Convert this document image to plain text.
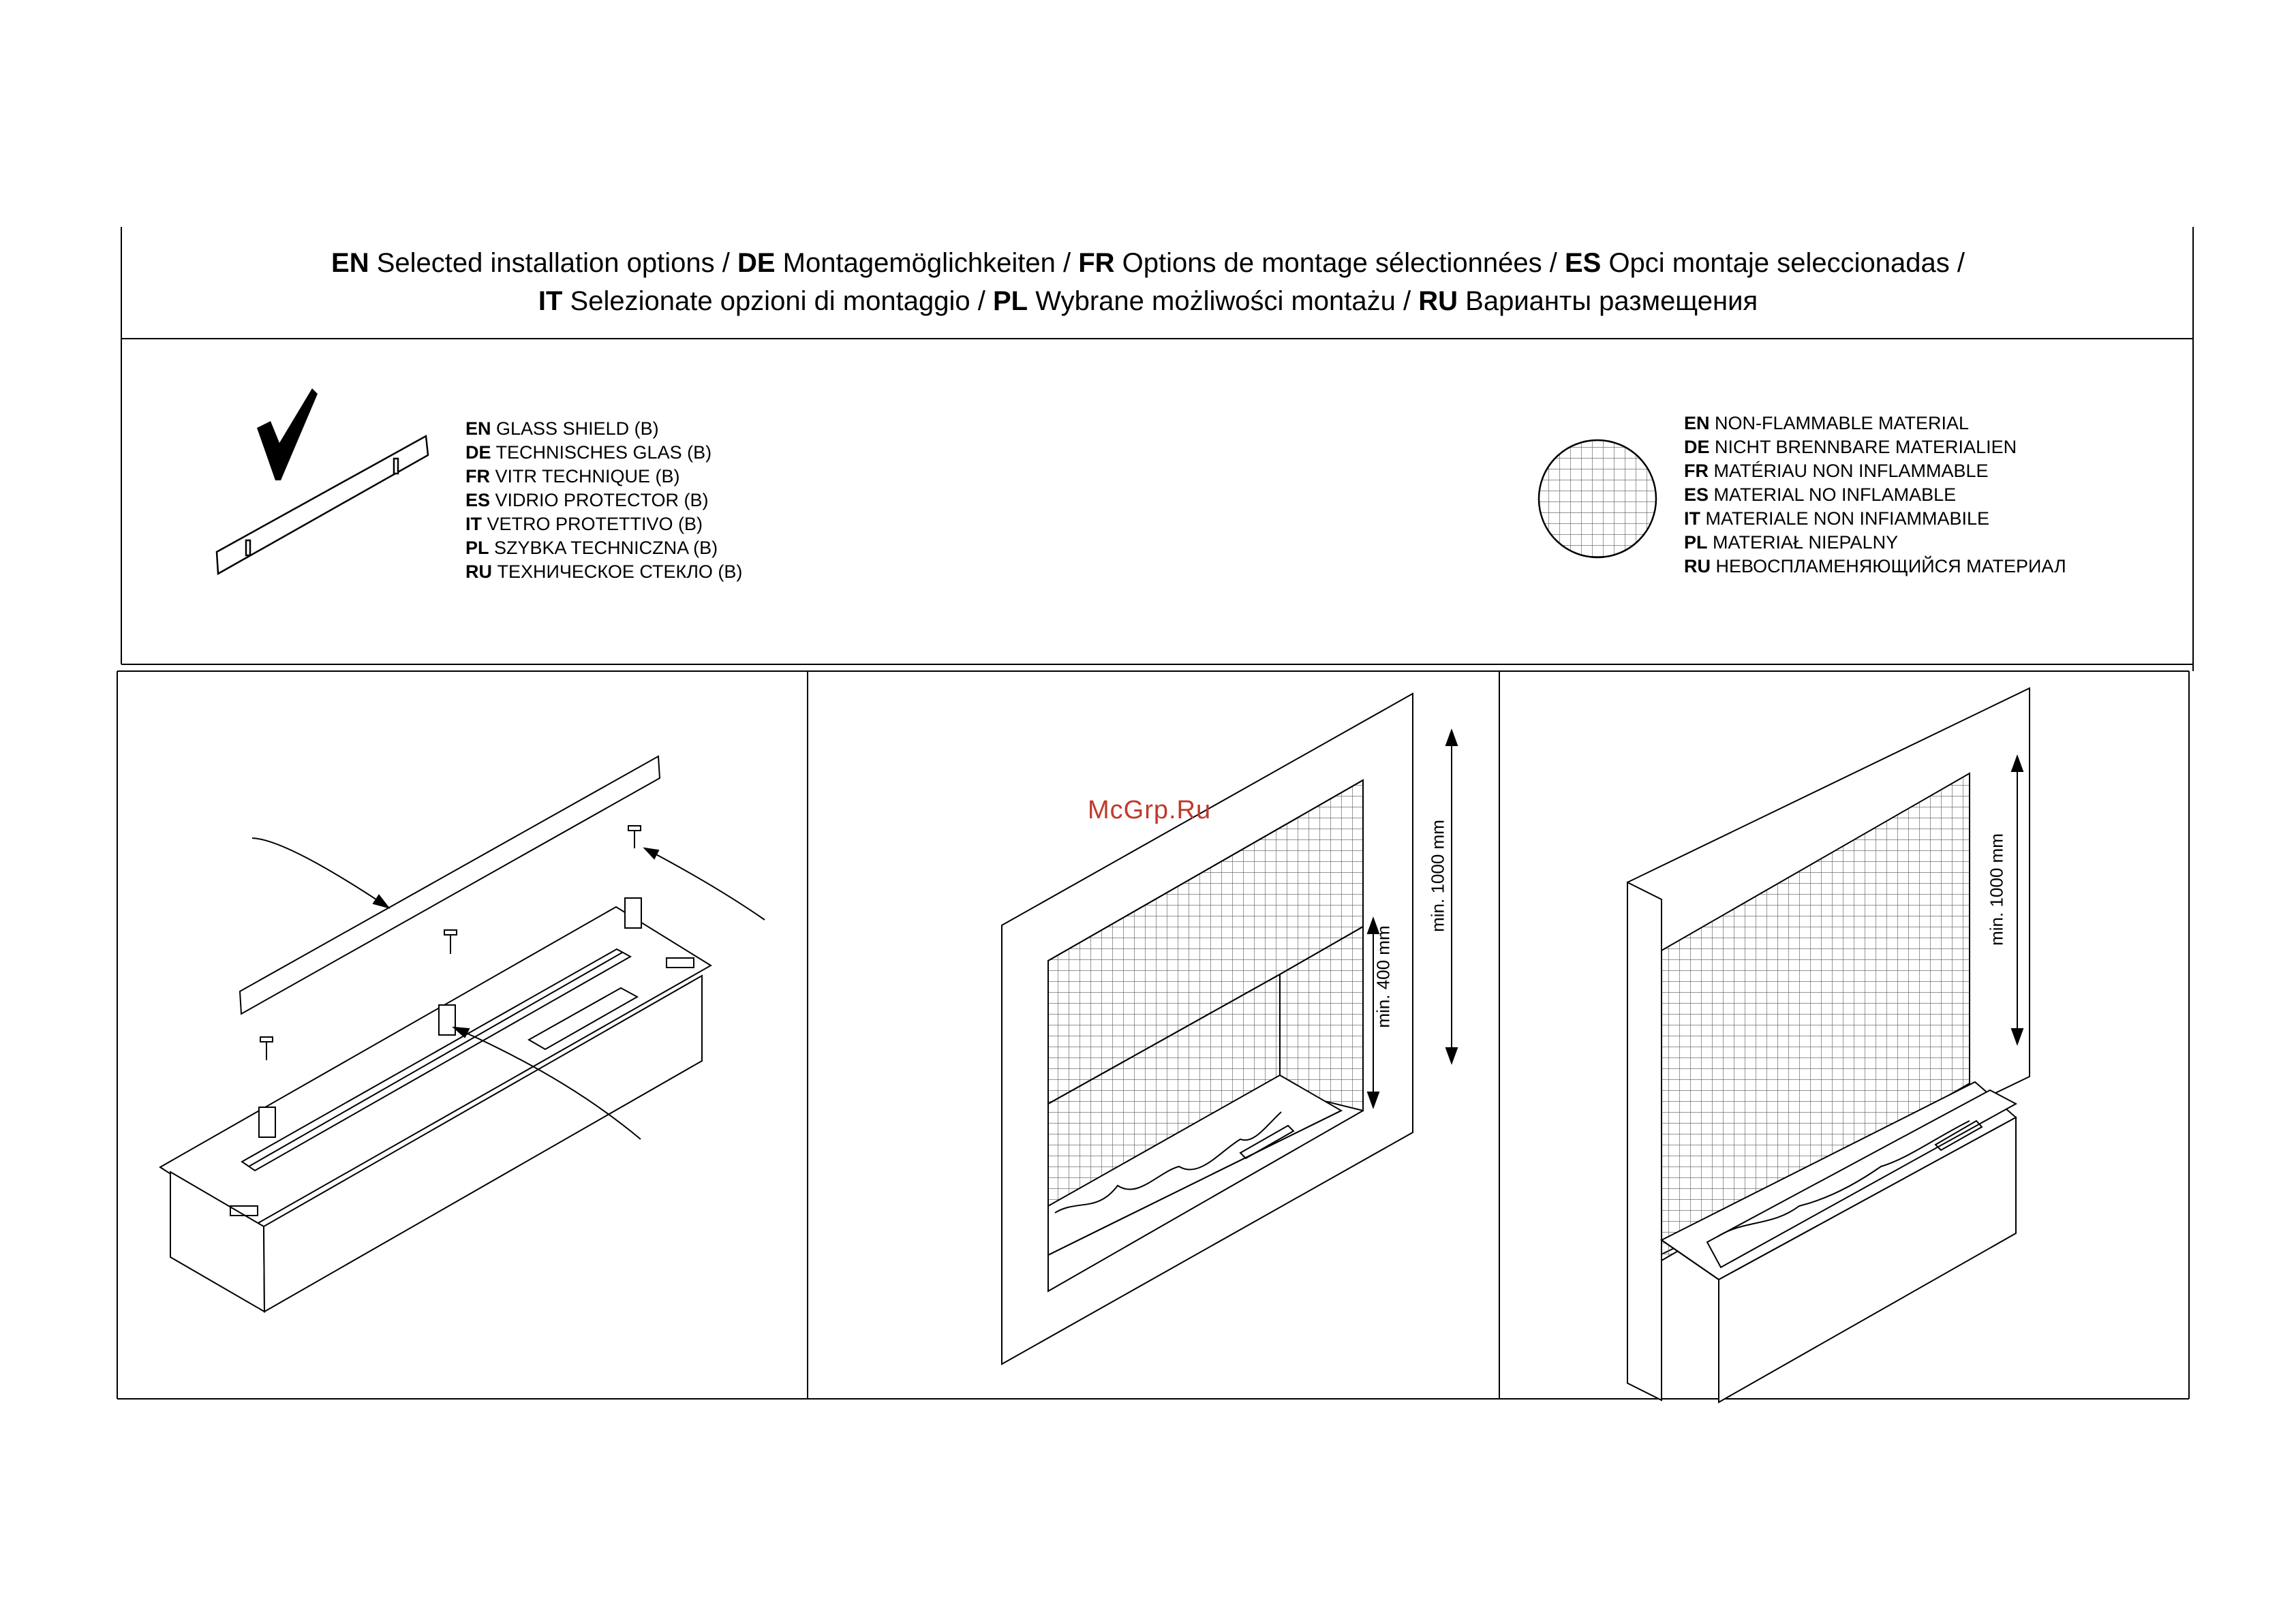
EN Selected installation options / DE Montagemöglichkeiten / FR Options de montage sélectionnées / ES Opci montaje seleccionadas /
IT Selezionate opzioni di montaggio / PL Wybrane możliwości montażu / RU Варианты размещения
EN GLASS SHIELD (B)
DE TECHNISCHES GLAS (B)
FR VITR TECHNIQUE (B)
ES VIDRIO PROTECTOR (B)
IT VETRO PROTETTIVO (B)
PL SZYBKA TECHNICZNA (B)
RU ТЕХНИЧЕСКОЕ СТЕКЛО (B)
EN NON-FLAMMABLE MATERIAL
DE NICHT BRENNBARE MATERIALIEN
FR MATÉRIAU NON INFLAMMABLE
ES MATERIAL NO INFLAMABLE
IT MATERIALE NON INFIAMMABILE
PL MATERIAŁ NIEPALNY
RU НЕВОСПЛАМЕНЯЮЩИЙСЯ МАТЕРИАЛ
min. 1000 mm
min. 400 mm
min. 1000 mm
McGrp.Ru
